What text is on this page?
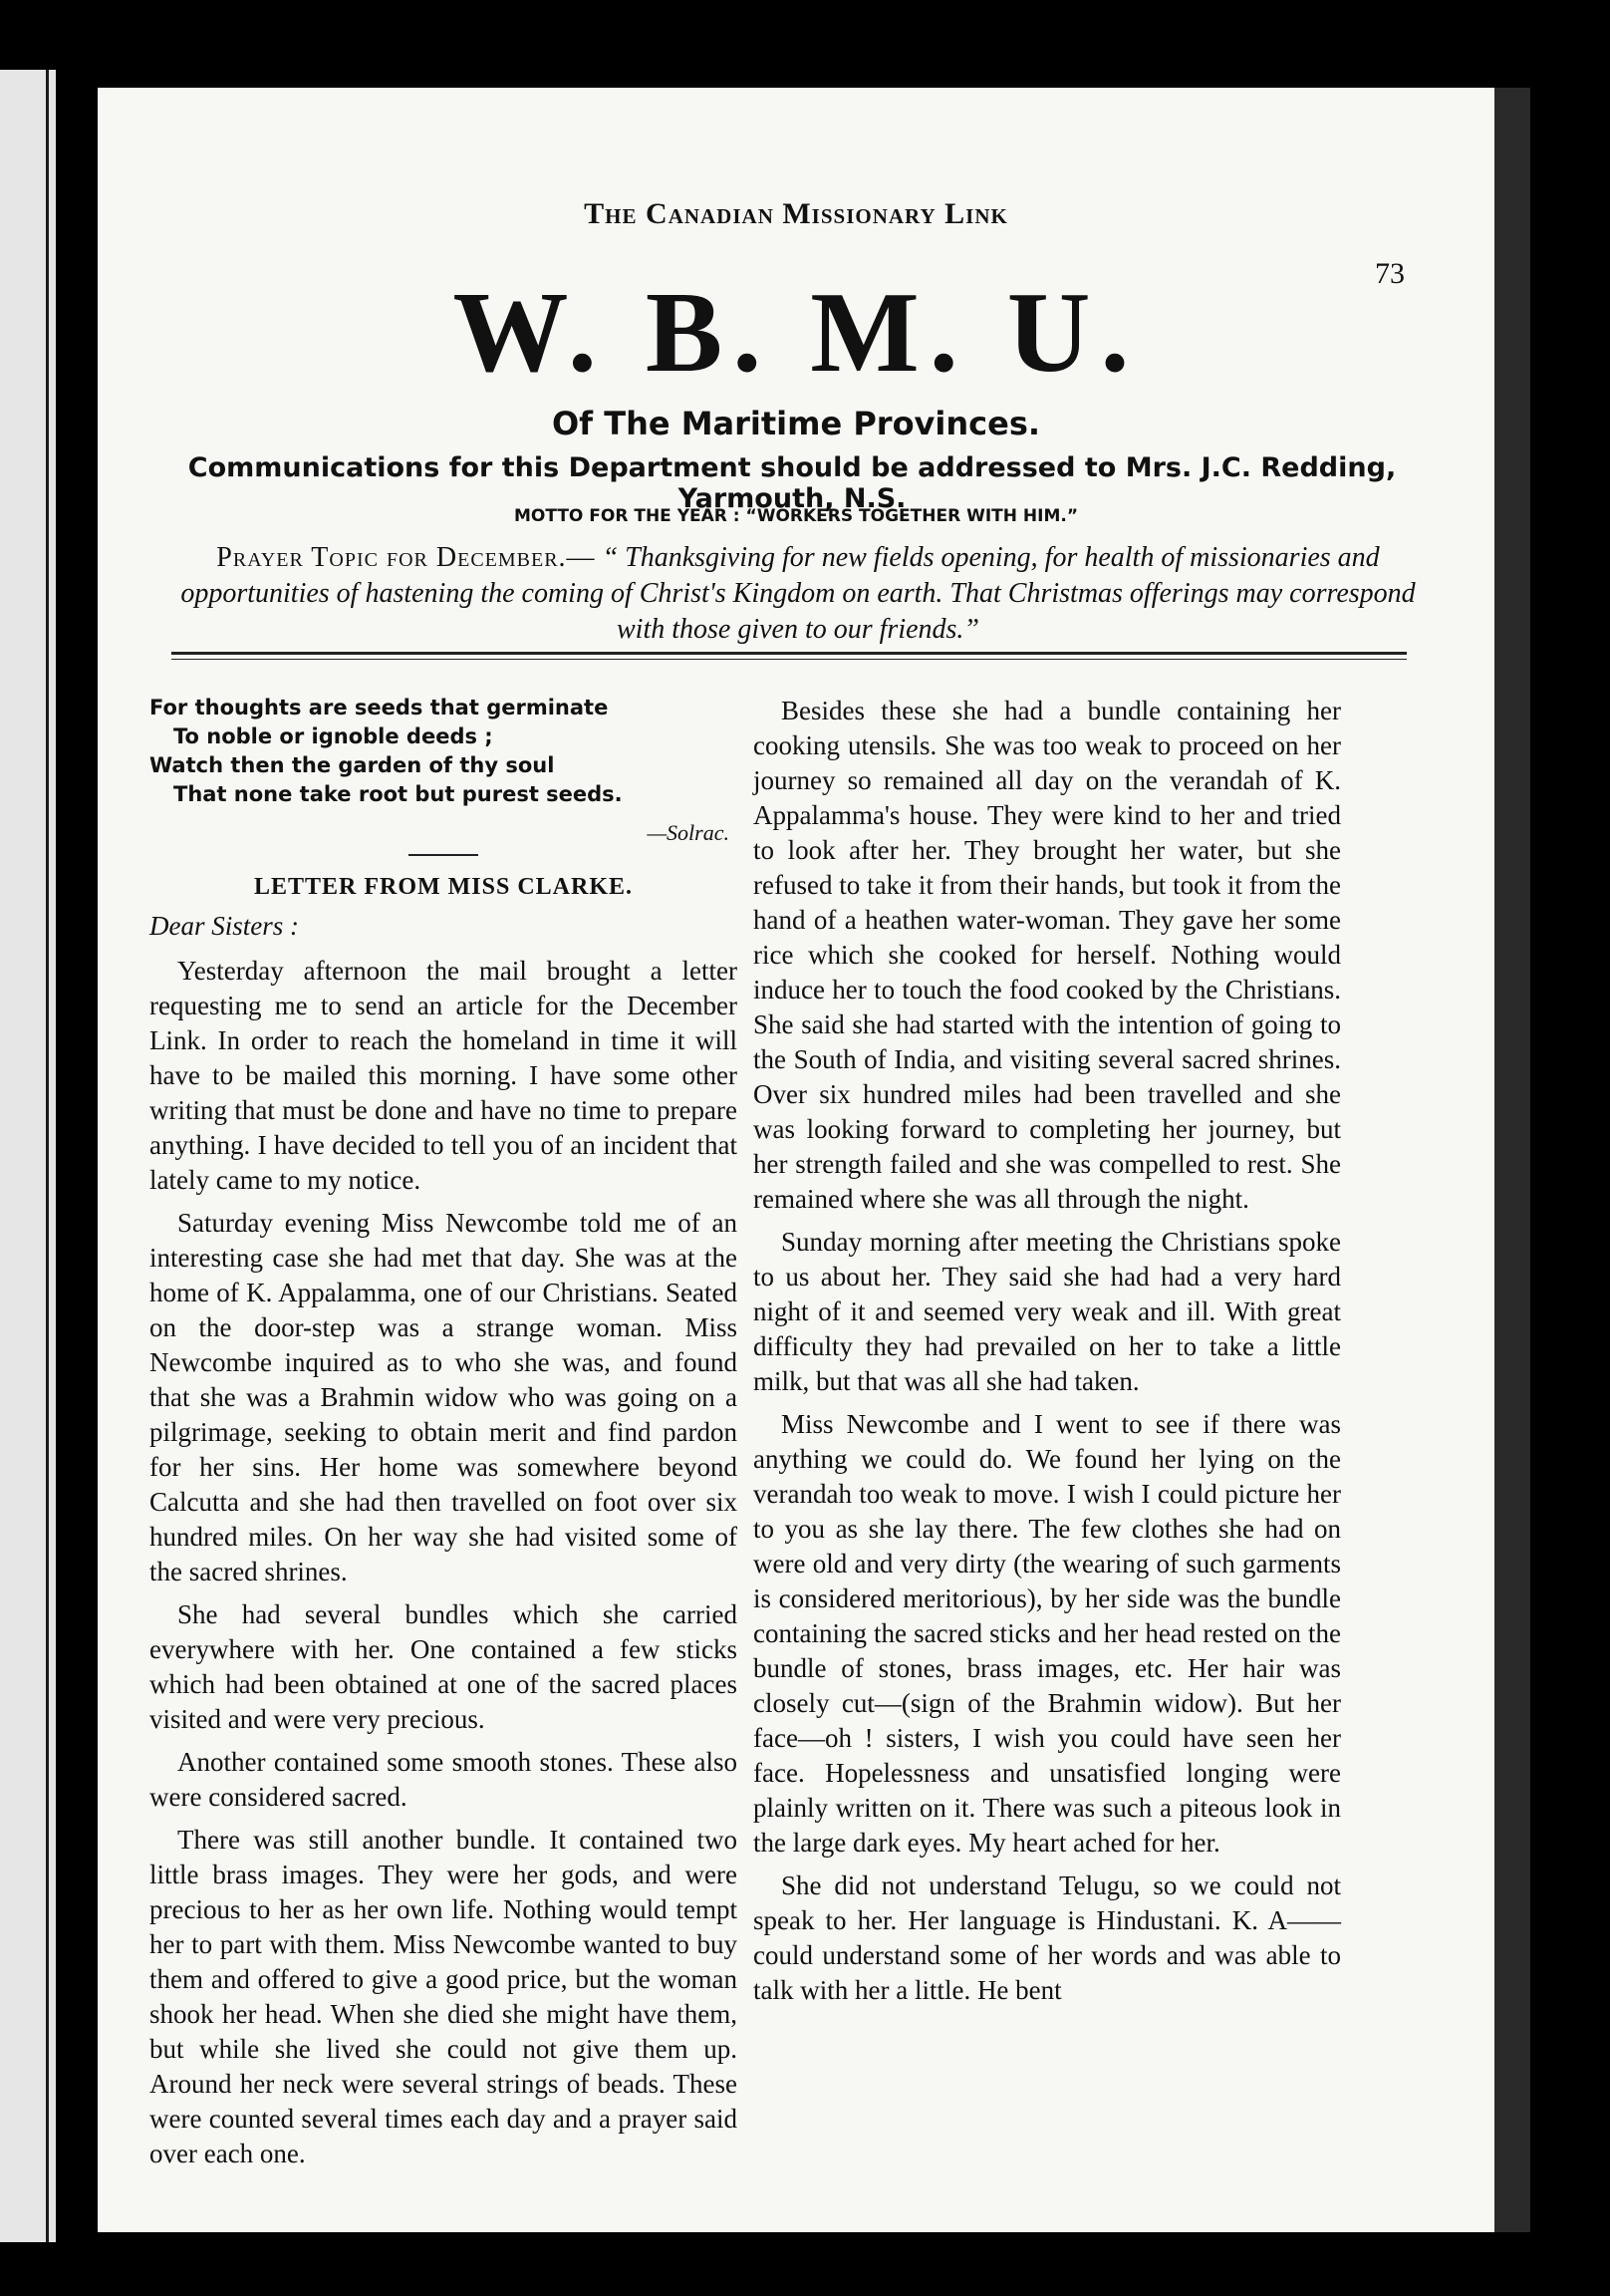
The Canadian Missionary Link
73
W. B. M. U.
Of The Maritime Provinces.
Communications for this Department should be addressed to Mrs. J.C. Redding, Yarmouth, N.S.
MOTTO FOR THE YEAR : “WORKERS TOGETHER WITH HIM.”
Prayer Topic for December.— “ Thanksgiving for new fields opening, for health of missionaries and opportunities of hastening the coming of Christ's Kingdom on earth. That Christmas offerings may correspond with those given to our friends.”
For thoughts are seeds that germinate
To noble or ignoble deeds ;
Watch then the garden of thy soul
That none take root but purest seeds.
—Solrac.
LETTER FROM MISS CLARKE.
Dear Sisters :

Yesterday afternoon the mail brought a letter requesting me to send an article for the December Link. In order to reach the homeland in time it will have to be mailed this morning. I have some other writing that must be done and have no time to prepare anything. I have decided to tell you of an incident that lately came to my notice.

Saturday evening Miss Newcombe told me of an interesting case she had met that day. She was at the home of K. Appalamma, one of our Christians. Seated on the door-step was a strange woman. Miss Newcombe inquired as to who she was, and found that she was a Brahmin widow who was going on a pilgrimage, seeking to obtain merit and find pardon for her sins. Her home was somewhere beyond Calcutta and she had then travelled on foot over six hundred miles. On her way she had visited some of the sacred shrines.

She had several bundles which she carried everywhere with her. One contained a few sticks which had been obtained at one of the sacred places visited and were very precious.

Another contained some smooth stones. These also were considered sacred.

There was still another bundle. It contained two little brass images. They were her gods, and were precious to her as her own life. Nothing would tempt her to part with them. Miss Newcombe wanted to buy them and offered to give a good price, but the woman shook her head. When she died she might have them, but while she lived she could not give them up. Around her neck were several strings of beads. These were counted several times each day and a prayer said over each one.

Besides these she had a bundle containing her cooking utensils. She was too weak to proceed on her journey so remained all day on the verandah of K. Appalamma's house. They were kind to her and tried to look after her. They brought her water, but she refused to take it from their hands, but took it from the hand of a heathen water-woman. They gave her some rice which she cooked for herself. Nothing would induce her to touch the food cooked by the Christians. She said she had started with the intention of going to the South of India, and visiting several sacred shrines. Over six hundred miles had been travelled and she was looking forward to completing her journey, but her strength failed and she was compelled to rest. She remained where she was all through the night.

Sunday morning after meeting the Christians spoke to us about her. They said she had had a very hard night of it and seemed very weak and ill. With great difficulty they had prevailed on her to take a little milk, but that was all she had taken.

Miss Newcombe and I went to see if there was anything we could do. We found her lying on the verandah too weak to move. I wish I could picture her to you as she lay there. The few clothes she had on were old and very dirty (the wearing of such garments is considered meritorious), by her side was the bundle containing the sacred sticks and her head rested on the bundle of stones, brass images, etc. Her hair was closely cut—(sign of the Brahmin widow). But her face—oh ! sisters, I wish you could have seen her face. Hopelessness and unsatisfied longing were plainly written on it. There was such a piteous look in the large dark eyes. My heart ached for her.

She did not understand Telugu, so we could not speak to her. Her language is Hindustani. K. A—— could understand some of her words and was able to talk with her a little. He bent
